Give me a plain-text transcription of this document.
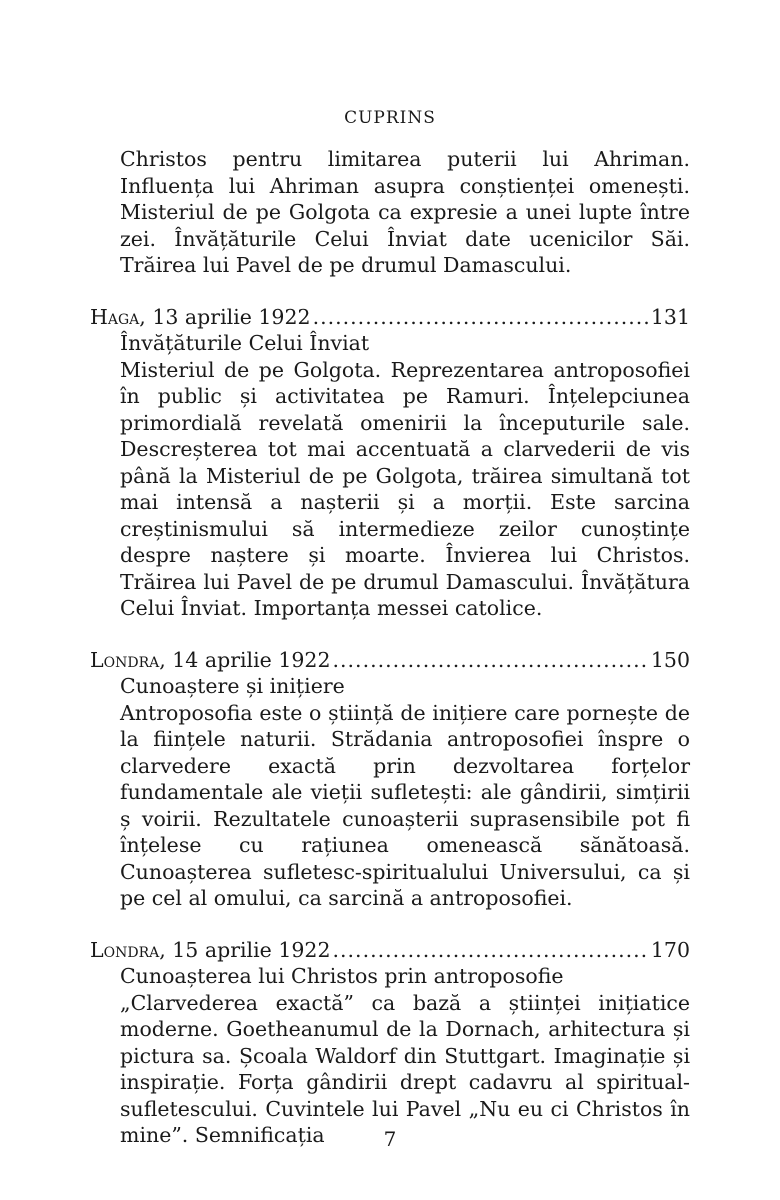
CUPRINS

Christos pentru limitarea puterii lui Ahriman. Influența lui Ahriman asupra conștienței omenești. Misteriul de pe Golgota ca expresie a unei lupte între zei. Învățăturile Celui Înviat date ucenicilor Săi. Trăirea lui Pavel de pe drumul Damascului.

Haga , 13 aprilie 1922 .....	131
Învățăturile Celui Înviat
Misteriul de pe Golgota. Reprezentarea antroposofiei în public și activitatea pe Ramuri. Înțelepciunea primordială revelată omenirii la începuturile sale. Descreșterea tot mai accentuată a clarvederii de vis până la Misteriul de pe Golgota, trăirea simultană tot mai intensă a nașterii și a morții. Este sarcina creștinismului să intermedieze zeilor cunoștințe despre naștere și moarte. Învierea lui Christos. Trăirea lui Pavel de pe drumul Damascului. Învățătura Celui Înviat. Importanța messei catolice.
Londra , 14 aprilie 1922 .....	150
Cunoaștere și inițiere
Antroposofia este o știință de inițiere care pornește de la ființele naturii. Strădania antroposofiei înspre o clarvedere exactă prin dezvoltarea forțelor fundamentale ale vieții sufletești: ale gândirii, simțirii ș voirii. Rezultatele cunoașterii suprasensibile pot fi înțelese cu rațiunea omenească sănătoasă. Cunoașterea sufletesc-spiritualului Universului, ca și pe cel al omului, ca sarcină a antroposofiei.
Londra , 15 aprilie 1922 .....	170
Cunoașterea lui Christos prin antroposofie
„Clarvederea exactă” ca bază a științei inițiatice moderne. Goetheanumul de la Dornach, arhitectura și pictura sa. Școala Waldorf din Stuttgart. Imaginație și inspirație. Forța gândirii drept cadavru al spiritual-sufletescului. Cuvintele lui Pavel „Nu eu ci Christos în mine”. Semnificația	7
